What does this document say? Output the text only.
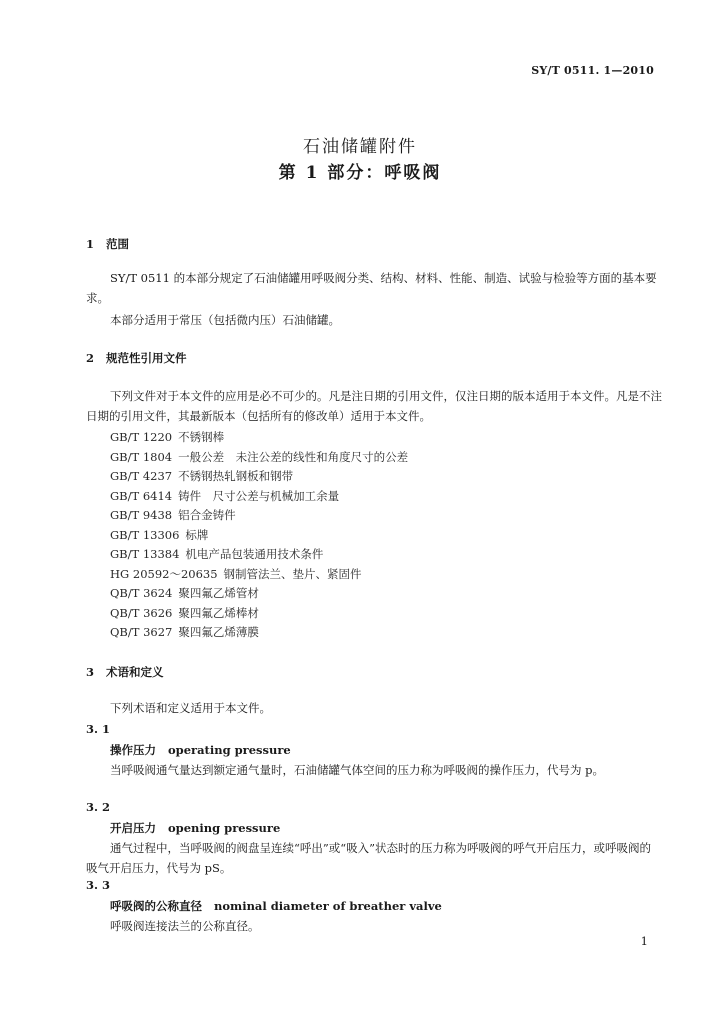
SY/T 0511. 1—2010
石油储罐附件
第 1 部分：呼吸阀
1 范围
SY/T 0511 的本部分规定了石油储罐用呼吸阀分类、结构、材料、性能、制造、试验与检验等方面的基本要求。
本部分适用于常压（包括微内压）石油储罐。
2 规范性引用文件
下列文件对于本文件的应用是必不可少的。凡是注日期的引用文件，仅注日期的版本适用于本文件。凡是不注日期的引用文件，其最新版本（包括所有的修改单）适用于本文件。
GB/T 1220 不锈钢棒
GB/T 1804 一般公差　未注公差的线性和角度尺寸的公差
GB/T 4237 不锈钢热轧钢板和钢带
GB/T 6414 铸件　尺寸公差与机械加工余量
GB/T 9438 铝合金铸件
GB/T 13306 标牌
GB/T 13384 机电产品包装通用技术条件
HG 20592～20635 钢制管法兰、垫片、紧固件
QB/T 3624 聚四氟乙烯管材
QB/T 3626 聚四氟乙烯棒材
QB/T 3627 聚四氟乙烯薄膜
3 术语和定义
下列术语和定义适用于本文件。
3. 1
操作压力 operating pressure
当呼吸阀通气量达到额定通气量时，石油储罐气体空间的压力称为呼吸阀的操作压力，代号为 p。
3. 2
开启压力 opening pressure
通气过程中，当呼吸阀的阀盘呈连续“呼出”或“吸入”状态时的压力称为呼吸阀的呼气开启压力，或呼吸阀的吸气开启压力，代号为 pS。
3. 3
呼吸阀的公称直径 nominal diameter of breather valve
呼吸阀连接法兰的公称直径。
1
